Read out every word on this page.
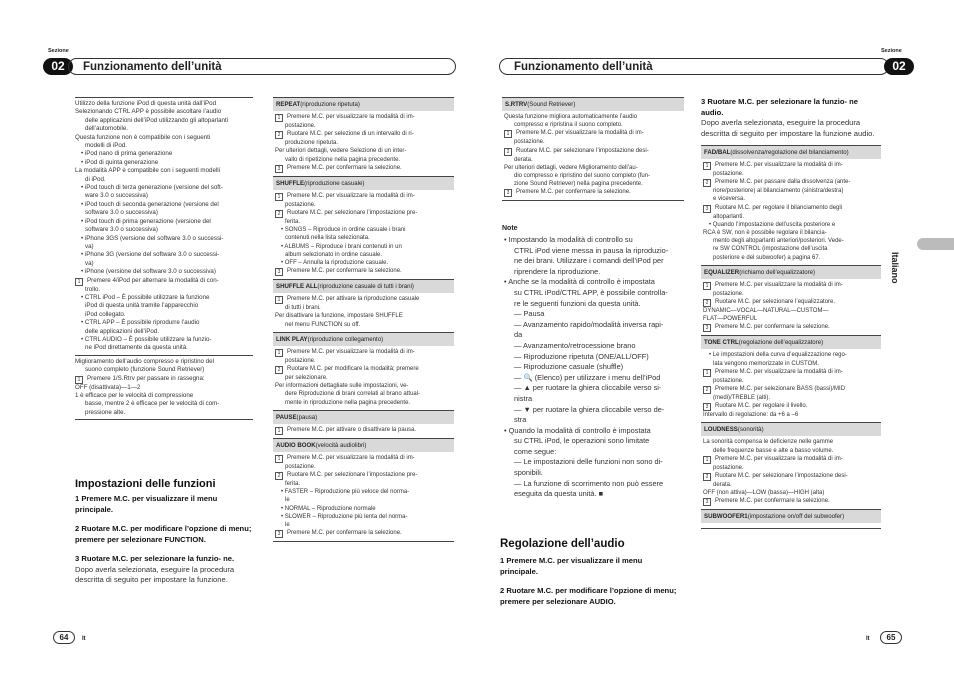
Sezione
02	Funzionamento dell’unità
Utilizzo della funzione iPod di questa unità dall’iPod
Selezionando CTRL APP è possibile ascoltare l’audio
delle applicazioni dell’iPod utilizzando gli altoparlanti
dell’automobile.
Questa funzione non è compatibile con i seguenti
modelli di iPod.
• iPod nano di prima generazione
• iPod di quinta generazione
La modalità APP è compatibile con i seguenti modelli
di iPod.
• iPod touch di terza generazione (versione del soft-
ware 3.0 o successiva)
• iPod touch di seconda generazione (versione del
software 3.0 o successiva)
• iPod touch di prima generazione (versione del
software 3.0 o successiva)
• iPhone 3GS (versione del software 3.0 o successi-
va)
• iPhone 3G (versione del software 3.0 o successi-
va)
• iPhone (versione del software 3.0 o successiva)
1	Premere 4/iPod per alternare la modalità di con-
trollo.
• CTRL iPod – È possibile utilizzare la funzione
iPod di questa unità tramite l’apparecchio
iPod collegato.
• CTRL APP – È possibile riprodurre l’audio
delle applicazioni dell’iPod.
• CTRL AUDIO – È possibile utilizzare la funzio-
ne iPod direttamente da questa unità.
Miglioramento dell’audio compresso e ripristino del
suono completo (funzione Sound Retriever)
1	Premere 1/S.Rtrv per passare in rassegna:
OFF (disattivata)—1—2
1 è efficace per le velocità di compressione
basse, mentre 2 è efficace per le velocità di com-
pressione alte.
Impostazioni delle funzioni
1 Premere M.C. per visualizzare il menu principale.
2 Ruotare M.C. per modificare l’opzione di menu; premere per selezionare FUNCTION.
3 Ruotare M.C. per selezionare la funzio- ne.
Dopo averla selezionata, eseguire la procedura descritta di seguito per impostare la funzione.
REPEAT(riproduzione ripetuta)
1	Premere M.C. per visualizzare la modalità di im-
postazione.
2	Ruotare M.C. per selezione di un intervallo di ri-
produzione ripetuta.
Per ulteriori dettagli, vedere Selezione di un inter-
vallo di ripetizione nella pagina precedente.
3	Premere M.C. per confermare la selezione.
SHUFFLE(riproduzione casuale)
1	Premere M.C. per visualizzare la modalità di im-
postazione.
2	Ruotare M.C. per selezionare l’impostazione pre-
ferita.
• SONGS – Riproduce in ordine casuale i brani
contenuti nella lista selezionata.
• ALBUMS – Riproduce i brani contenuti in un
album selezionato in ordine casuale.
• OFF – Annulla la riproduzione casuale.
3	Premere M.C. per confermare la selezione.
SHUFFLE ALL(riproduzione casuale di tutti i brani)
1	Premere M.C. per attivare la riproduzione casuale
di tutti i brani.
Per disattivare la funzione, impostare SHUFFLE
nel menu FUNCTION su off.
LINK PLAY(riproduzione collegamento)
1	Premere M.C. per visualizzare la modalità di im-
postazione.
2	Ruotare M.C. per modificare la modalità; premere
per selezionare.
Per informazioni dettagliate sulle impostazioni, ve-
dere Riproduzione di brani correlati al brano attual-
mente in riproduzione nella pagina precedente.
PAUSE(pausa)
1	Premere M.C. per attivare o disattivare la pausa.
AUDIO BOOK(velocità audiolibri)
1	Premere M.C. per visualizzare la modalità di im-
postazione.
2	Ruotare M.C. per selezionare l’impostazione pre-
ferita.
• FASTER – Riproduzione più veloce del norma-
le
• NORMAL – Riproduzione normale
• SLOWER – Riproduzione più lenta del norma-
le
3	Premere M.C. per confermare la selezione.
64	It
Funzionamento dell’unità
Sezione
02
S.RTRV(Sound Retriever)
Questa funzione migliora automaticamente l’audio
compresso e ripristina il suono completo.
1	Premere M.C. per visualizzare la modalità di im-
postazione.
2	Ruotare M.C. per selezionare l’impostazione desi-
derata.
Per ulteriori dettagli, vedere Miglioramento dell’au-
dio compresso e ripristino del suono completo (fun-
zione Sound Retriever) nella pagina precedente.
3	Premere M.C. per confermare la selezione.
Note
• Impostando la modalità di controllo su
CTRL iPod viene messa in pausa la riproduzio-
ne dei brani. Utilizzare i comandi dell’iPod per
riprendere la riproduzione.
• Anche se la modalità di controllo è impostata
su CTRL iPod/CTRL APP, è possibile controlla-
re le seguenti funzioni da questa unità.
— Pausa
— Avanzamento rapido/modalità inversa rapi-
da
— Avanzamento/retrocessione brano
— Riproduzione ripetuta (ONE/ALL/OFF)
— Riproduzione casuale (shuffle)
— 🔍 (Elenco) per utilizzare i menu dell’iPod
— ▲ per ruotare la ghiera cliccabile verso si-
nistra
— ▼ per ruotare la ghiera cliccabile verso de-
stra
• Quando la modalità di controllo è impostata
su CTRL iPod, le operazioni sono limitate
come segue:
— Le impostazioni delle funzioni non sono di-
sponibili.
— La funzione di scorrimento non può essere
eseguita da questa unità. ■
Regolazione dell’audio
1 Premere M.C. per visualizzare il menu principale.
2 Ruotare M.C. per modificare l’opzione di menu; premere per selezionare AUDIO.
3 Ruotare M.C. per selezionare la funzio- ne audio.
Dopo averla selezionata, eseguire la procedura descritta di seguito per impostare la funzione audio.
FAD/BAL(dissolvenza/regolazione del bilanciamento)
1	Premere M.C. per visualizzare la modalità di im-
postazione.
2	Premere M.C. per passare dalla dissolvenza (ante-
riore/posteriore) al bilanciamento (sinistra/destra)
e viceversa.
3	Ruotare M.C. per regolare il bilanciamento degli
altoparlanti.
• Quando l’impostazione dell’uscita posteriore e
RCA è SW, non è possibile regolare il bilancia-
mento degli altoparlanti anteriori/posteriori. Vede-
re SW CONTROL (impostazione dell’uscita
posteriore e del subwoofer) a pagina 67.
EQUALIZER(richiamo dell’equalizzatore)
1	Premere M.C. per visualizzare la modalità di im-
postazione.
2	Ruotare M.C. per selezionare l’equalizzatore.
DYNAMIC—VOCAL—NATURAL—CUSTOM—
FLAT—POWERFUL
3	Premere M.C. per confermare la selezione.
TONE CTRL(regolazione dell’equalizzatore)
• Le impostazioni della curva d’equalizzazione rego-
lata vengono memorizzate in CUSTOM.
1	Premere M.C. per visualizzare la modalità di im-
postazione.
2	Premere M.C. per selezionare BASS (bassi)/MID
(medi)/TREBLE (alti).
3	Ruotare M.C. per regolare il livello.
Intervallo di regolazione: da +6 a –6
LOUDNESS(sonorità)
La sonorità compensa le deficienze nelle gamme
delle frequenze basse e alte a basso volume.
1	Premere M.C. per visualizzare la modalità di im-
postazione.
2	Ruotare M.C. per selezionare l’impostazione desi-
derata.
OFF (non attiva)—LOW (bassa)—HIGH (alta)
3	Premere M.C. per confermare la selezione.
SUBWOOFER1(impostazione on/off del subwoofer)
Italiano
It	65
